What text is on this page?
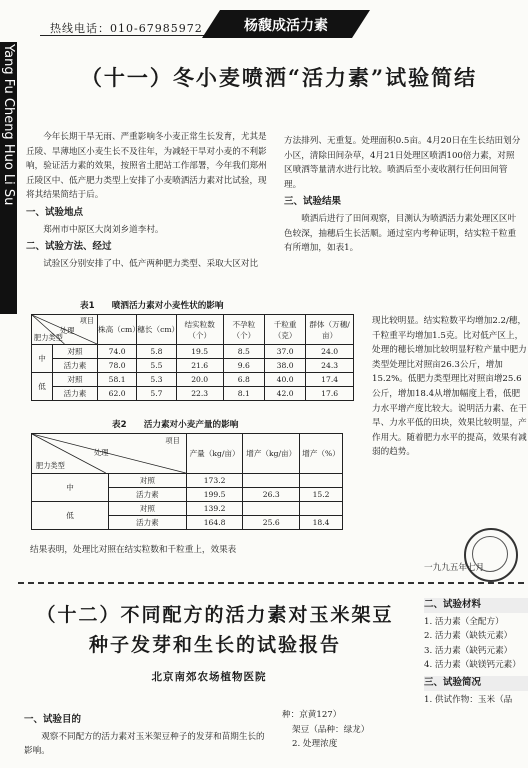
热线电话：010-67985972	杨馥成活力素
Yang Fu Cheng Huo Li Su	（十一）冬小麦喷洒“活力素”试验简结

今年长期干旱无雨、严重影响冬小麦正常生长发育，尤其是丘陵、旱薄地区小麦生长不及往年，为减轻干旱对小麦的不利影响，验证活力素的效果，按照省土肥站工作部署，今年我们郑州丘陵区中、低产肥力类型上安排了小麦喷洒活力素对比试验，现将其结果简结于后。

一、试验地点

郑州市中原区大岗刘乡道李村。

二、试验方法、经过

试验区分别安排了中、低产两种肥力类型、采取大区对比

方法排列、无重复。处理面积0.5亩。4月20日在生长结田划分小区，清除田间杂草，4月21日处理区喷洒100倍力素，对照区喷洒等量清水进行比较。喷洒后至小麦收割行任何田间管理。

三、试验结果

喷洒后进行了田间观察，目测认为喷洒活力素处理区区叶色较深，抽穗后生长活顺。通过室内考种证明，结实粒千粒重有所增加，如表1。

表1　　喷洒活力素对小麦性状的影响
项目
处理
肥力类型		株高（cm）	穗长（cm）	结实粒数（个）	不孕粒（个）	千粒重（克）	群体（万穗/亩）
中	对照	74.0	5.8	19.5	8.5	37.0	24.0
	活力素	78.0	5.5	21.6	9.6	38.0	24.3
低	对照	58.1	5.3	20.0	6.8	40.0	17.4
	活力素	62.0	5.7	22.3	8.1	42.0	17.6
表2　　活力素对小麦产量的影响
项目
处理
肥力类型		产量（kg/亩）	增产（kg/亩）	增产（%）
中	对照	173.2		
	活力素	199.5	26.3	15.2
低	对照	139.2		
	活力素	164.8	25.6	18.4

现比较明显。结实粒数平均增加2.2/穗，千粒重平均增加1.5克。比对低产区上，处理的穗长增加比较明显籽粒产量中肥力类型处理比对照亩26.3公斤，增加15.2%。低肥力类型理比对照亩增25.6公斤，增加18.4从增加幅度上看，低肥力水平增产度比较大。说明活力素、在干旱、力水平低的田块，效果比较明显，产作用大。随着肥力水平的提高，效果有减弱的趋势。

结果表明，处理比对照在结实粒数和千粒重上，效果表
一九九五年七月
（十二）不同配方的活力素对玉米架豆种子发芽和生长的试验报告
北京南郊农场植物医院
一、试验目的

观察不同配方的活力素对玉米架豆种子的发芽和苗期生长的影响。

种：京黄127）
架豆（品种：绿龙）
2. 处理浓度
二、试验材料
1. 活力素（全配方）
2. 活力素（缺铁元素）
3. 活力素（缺钙元素）
4. 活力素（缺镁钙元素）
三、试验简况
1. 供试作物：玉米（品
